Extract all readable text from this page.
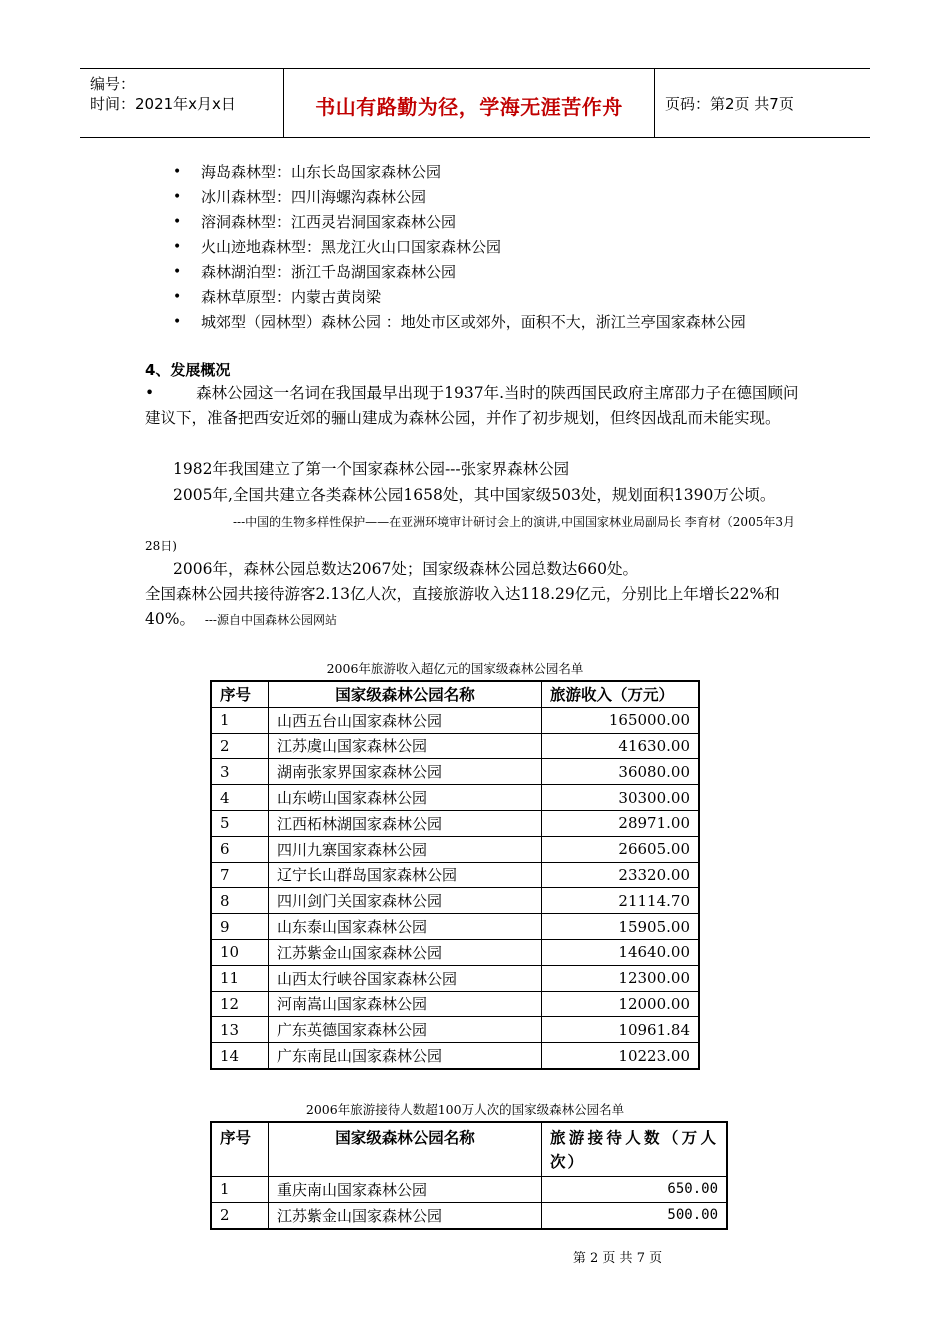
编号：
时间：2021年x月x日	书山有路勤为径，学海无涯苦作舟	页码：第2页 共7页
• 海岛森林型：山东长岛国家森林公园
• 冰川森林型：四川海螺沟森林公园
• 溶洞森林型：江西灵岩洞国家森林公园
• 火山迹地森林型：黑龙江火山口国家森林公园
• 森林湖泊型：浙江千岛湖国家森林公园
• 森林草原型：内蒙古黄岗梁
• 城郊型（园林型）森林公园 ：地处市区或郊外，面积不大，浙江兰亭国家森林公园
4、发展概况

•	森林公园这一名词在我国最早出现于1937年.当时的陕西国民政府主席邵力子在德国顾问建议下，准备把西安近郊的骊山建成为森林公园，并作了初步规划，但终因战乱而未能实现。

1982年我国建立了第一个国家森林公园---张家界森林公园

2005年,全国共建立各类森林公园1658处，其中国家级503处，规划面积1390万公顷。

---中国的生物多样性保护——在亚洲环境审计研讨会上的演讲,中国国家林业局副局长 李育材（2005年3月28日)

2006年，森林公园总数达2067处；国家级森林公园总数达660处。

全国森林公园共接待游客2.13亿人次，直接旅游收入达118.29亿元，分别比上年增长22%和40%。 ---源自中国森林公园网站

2006年旅游收入超亿元的国家级森林公园名单
序号	国家级森林公园名称	旅游收入（万元）
1	山西五台山国家森林公园	165000.00
2	江苏虞山国家森林公园	41630.00
3	湖南张家界国家森林公园	36080.00
4	山东崂山国家森林公园	30300.00
5	江西柘林湖国家森林公园	28971.00
6	四川九寨国家森林公园	26605.00
7	辽宁长山群岛国家森林公园	23320.00
8	四川剑门关国家森林公园	21114.70
9	山东泰山国家森林公园	15905.00
10	江苏紫金山国家森林公园	14640.00
11	山西太行峡谷国家森林公园	12300.00
12	河南嵩山国家森林公园	12000.00
13	广东英德国家森林公园	10961.84
14	广东南昆山国家森林公园	10223.00
2006年旅游接待人数超100万人次的国家级森林公园名单
序号	国家级森林公园名称	旅游接待人数（万人次）
1	重庆南山国家森林公园	650.00
2	江苏紫金山国家森林公园	500.00
第 2 页 共 7 页
